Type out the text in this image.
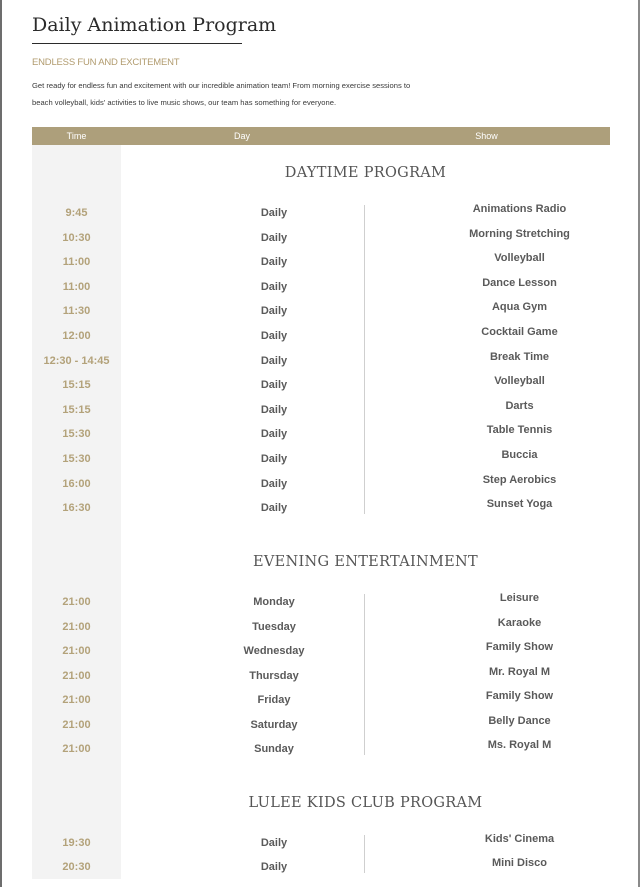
Daily Animation Program

ENDLESS FUN AND EXCITEMENT

Get ready for endless fun and excitement with our incredible animation team! From morning exercise sessions to beach volleyball, kids' activities to live music shows, our team has something for everyone.

Time	Day	Show
DAYTIME PROGRAM
9:45	Daily	Animations Radio
10:30	Daily	Morning Stretching
11:00	Daily	Volleyball
11:00	Daily	Dance Lesson
11:30	Daily	Aqua Gym
12:00	Daily	Cocktail Game
12:30 - 14:45	Daily	Break Time
15:15	Daily	Volleyball
15:15	Daily	Darts
15:30	Daily	Table Tennis
15:30	Daily	Buccia
16:00	Daily	Step Aerobics
16:30	Daily	Sunset Yoga
EVENING ENTERTAINMENT
21:00	Monday	Leisure
21:00	Tuesday	Karaoke
21:00	Wednesday	Family Show
21:00	Thursday	Mr. Royal M
21:00	Friday	Family Show
21:00	Saturday	Belly Dance
21:00	Sunday	Ms. Royal M
LULEE KIDS CLUB PROGRAM
19:30	Daily	Kids' Cinema
20:30	Daily	Mini Disco
